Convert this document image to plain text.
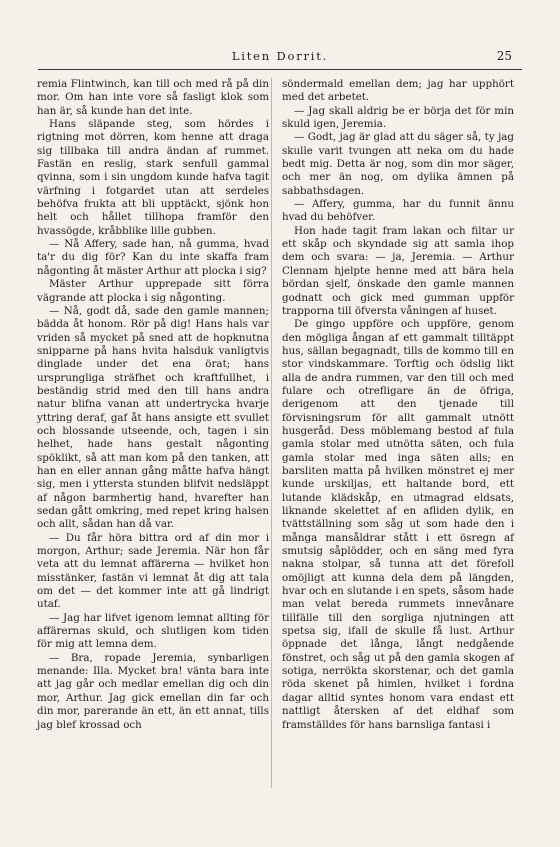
Liten Dorrit.	25

remia Flintwinch, kan till och med rå på din mor. Om han inte vore så fasligt klok som han är, så kunde han det inte.

Hans släpande steg, som hördes i rigtning mot dörren, kom henne att draga sig tillbaka till andra ändan af rummet. Fastän en reslig, stark senfull gammal qvinna, som i sin ungdom kunde hafva tagit värfning i fotgardet utan att serdeles behöfva frukta att bli upptäckt, sjönk hon helt och hållet tillhopa framför den hvassögde, kråbblike lille gubben.

— Nå Affery, sade han, nå gumma, hvad ta'r du dig för? Kan du inte skaffa fram någonting åt mäster Arthur att plocka i sig?

Mäster Arthur upprepade sitt förra vägrande att plocka i sig någonting.

— Nå, godt då, sade den gamle mannen; bädda åt honom. Rör på dig! Hans hals var vriden så mycket på sned att de hopknutna snipparne på hans hvita halsduk vanligtvis dinglade under det ena örat; hans ursprungliga sträfhet och kraftfullhet, i beständig strid med den till hans andra natur blifna vanan att undertrycka hvarje yttring deraf, gaf åt hans ansigte ett svullet och blossande utseende, och, tagen i sin helhet, hade hans gestalt någonting spöklikt, så att man kom på den tanken, att han en eller annan gång måtte hafva hängt sig, men i yttersta stunden blifvit nedsläppt af någon barmhertig hand, hvarefter han sedan gått omkring, med repet kring halsen och allt, sådan han då var.

— Du får höra bittra ord af din mor i morgon, Arthur; sade Jeremia. När hon får veta att du lemnat affärerna — hvilket hon misstänker, fastän vi lemnat åt dig att tala om det — det kommer inte att gå lindrigt utaf.

— Jag har lifvet igenom lemnat allting för affärernas skuld, och slutligen kom tiden för mig att lemna dem.

— Bra, ropade Jeremia, synbarligen menande: Illa. Mycket bra! vänta bara inte att jag går och medlar emellan dig och din mor, Arthur. Jag gick emellan din far och din mor, parerande än ett, än ett annat, tills jag blef krossad och

söndermald emellan dem; jag har upphört med det arbetet.

— Jag skall aldrig be er börja det för min skuld igen, Jeremia.

— Godt, jag är glad att du säger så, ty jag skulle varit tvungen att neka om du hade bedt mig. Detta är nog, som din mor säger, och mer än nog, om dylika ämnen på sabbathsdagen.

— Affery, gumma, har du funnit ännu hvad du behöfver.

Hon hade tagit fram lakan och filtar ur ett skåp och skyndade sig att samla ihop dem och svara: — ja, Jeremia. — Arthur Clennam hjelpte henne med att bära hela bördan sjelf, önskade den gamle mannen godnatt och gick med gumman uppför trapporna till öfversta våningen af huset.

De gingo uppföre och uppföre, genom den mögliga ångan af ett gammalt tilltäppt hus, sällan begagnadt, tills de kommo till en stor vindskammare. Torftig och ödslig likt alla de andra rummen, var den till och med fulare och otrefligare än de öfriga, derigenom att den tjenade till förvisningsrum för allt gammalt utnött husgeråd. Dess möblemang bestod af fula gamla stolar med utnötta säten, och fula gamla stolar med inga säten alls; en barsliten matta på hvilken mönstret ej mer kunde urskiljas, ett haltande bord, ett lutande klädskåp, en utmagrad eldsats, liknande skelettet af en afliden dylik, en tvättställning som såg ut som hade den i många mansåldrar stått i ett ösregn af smutsig såplödder, och en säng med fyra nakna stolpar, så tunna att det förefoll omöjligt att kunna dela dem på längden, hvar och en slutande i en spets, såsom hade man velat bereda rummets innevånare tillfälle till den sorgliga njutningen att spetsa sig, ifall de skulle få lust. Arthur öppnade det långa, långt nedgående fönstret, och såg ut på den gamla skogen af sotiga, nerrökta skorstenar, och det gamla röda skenet på himlen, hvilket i fordna dagar alltid syntes honom vara endast ett nattligt återsken af det eldhaf som framställdes för hans barnsliga fantasi i
